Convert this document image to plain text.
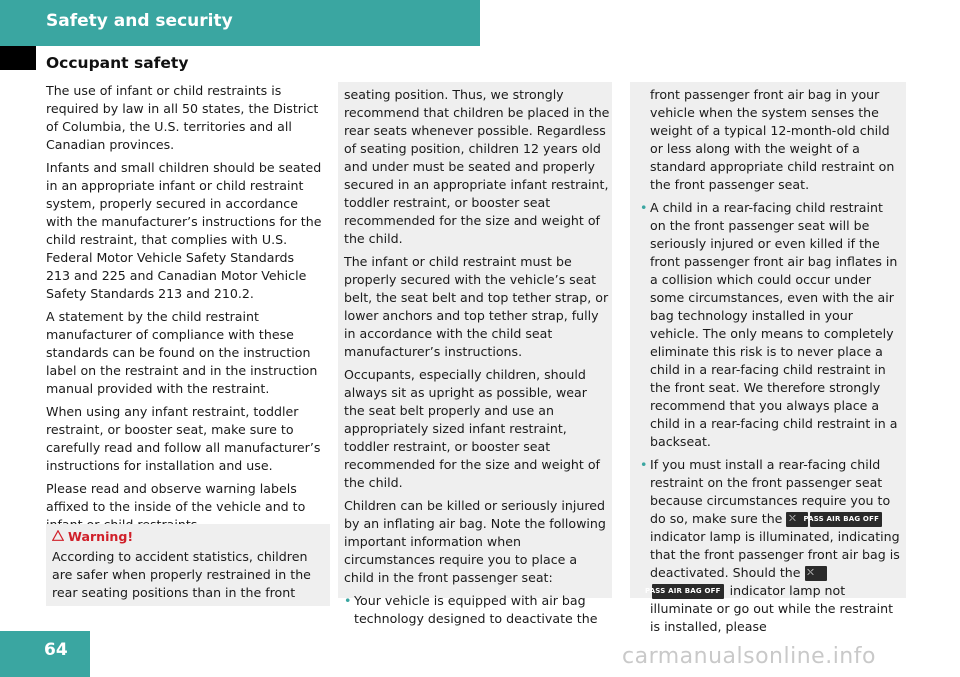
Safety and security
Occupant safety

The use of infant or child restraints is required by law in all 50 states, the District of Columbia, the U.S. territories and all Canadian provinces.

Infants and small children should be seated in an appropriate infant or child restraint system, properly secured in accordance with the manufacturer’s instructions for the child restraint, that complies with U.S. Federal Motor Vehicle Safety Standards 213 and 225 and Canadian Motor Vehicle Safety Standards 213 and 210.2.

A statement by the child restraint manufacturer of compliance with these standards can be found on the instruction label on the restraint and in the instruction manual provided with the restraint.

When using any infant restraint, toddler restraint, or booster seat, make sure to carefully read and follow all manufacturer’s instructions for installation and use.

Please read and observe warning labels affixed to the inside of the vehicle and to

Warning!
According to accident statistics, children are safer when properly restrained in the rear seating positions than in the front

seating position. Thus, we strongly recommend that children be placed in the rear seats whenever possible. Regardless of seating position, children 12 years old and under must be seated and properly secured in an appropriate infant restraint, toddler restraint, or booster seat recommended for the size and weight of the child.

The infant or child restraint must be properly secured with the vehicle’s seat belt, the seat belt and top tether strap, or lower anchors and top tether strap, fully in accordance with the child seat manufacturer’s instructions.

Occupants, especially children, should always sit as upright as possible, wear the seat belt properly and use an appropriately sized infant restraint, toddler restraint, or booster seat recommended for the size and weight of the child.

Children can be killed or seriously injured by an inflating air bag. Note the following important information when circumstances require you to place a child in the front passenger seat:

• Your vehicle is equipped with air bag technology designed to deactivate the

front passenger front air bag in your vehicle when the system senses the weight of a typical 12-month-old child or less along with the weight of a standard appropriate child restraint on the front passenger seat.

• A child in a rear-facing child restraint on the front passenger seat will be seriously injured or even killed if the front passenger front air bag inflates in a collision which could occur under some circumstances, even with the air bag technology installed in your vehicle. The only means to completely eliminate this risk is to never place a child in a rear-facing child restraint in the front seat. We therefore strongly recommend that you always place a child in a rear-facing child restraint in a backseat.
• If you must install a rear-facing child restraint on the front passenger seat because circumstances require you to do so, make sure the ⛌ PASS AIR BAG OFF indicator lamp is illuminated, indicating that the front passenger front air bag is deactivated. Should the ⛌PASS AIR BAG OFF indicator lamp not illuminate or go out while the restraint is installed, please
64	carmanualsonline.info
